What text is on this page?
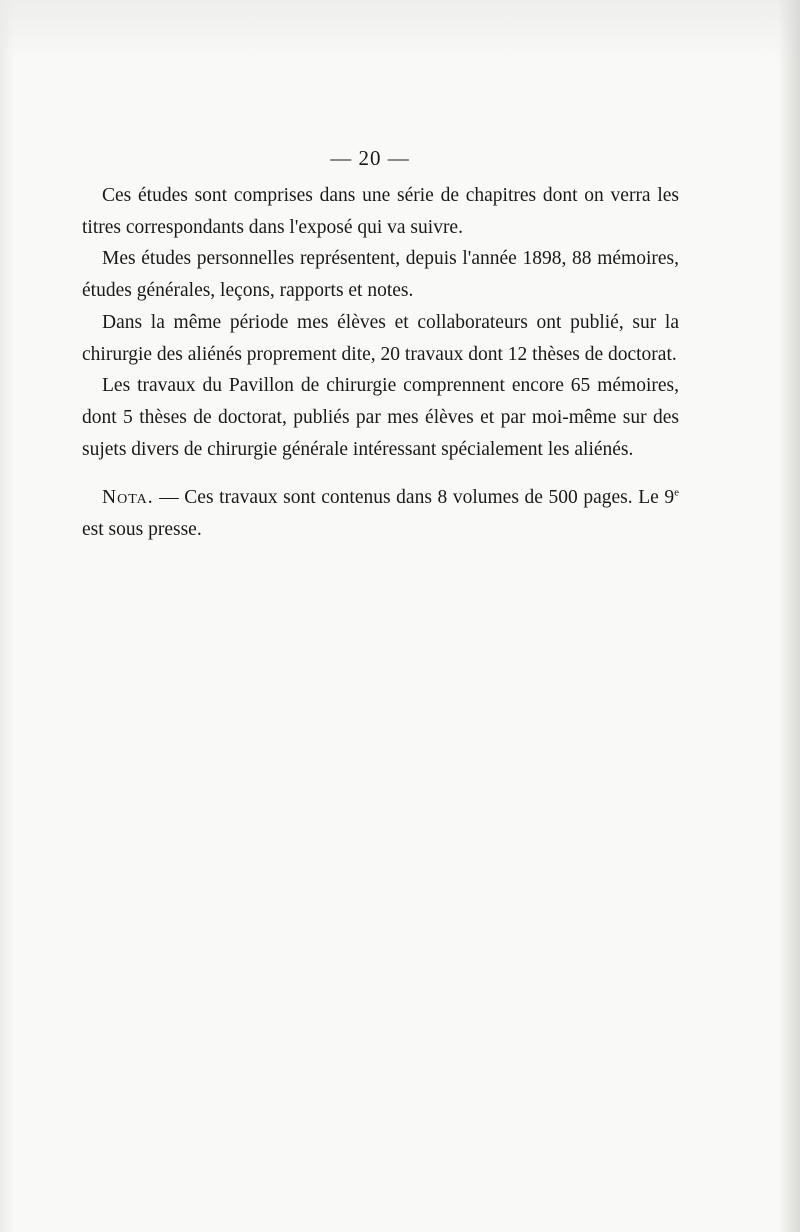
— 20 —

Ces études sont comprises dans une série de chapitres dont on verra les titres correspondants dans l'exposé qui va suivre.

Mes études personnelles représentent, depuis l'année 1898, 88 mémoires, études générales, leçons, rapports et notes.

Dans la même période mes élèves et collaborateurs ont publié, sur la chirurgie des aliénés proprement dite, 20 travaux dont 12 thèses de doctorat.

Les travaux du Pavillon de chirurgie comprennent encore 65 mémoires, dont 5 thèses de doctorat, publiés par mes élèves et par moi-même sur des sujets divers de chirurgie générale intéressant spécialement les aliénés.

Nota. — Ces travaux sont contenus dans 8 volumes de 500 pages. Le 9e est sous presse.
